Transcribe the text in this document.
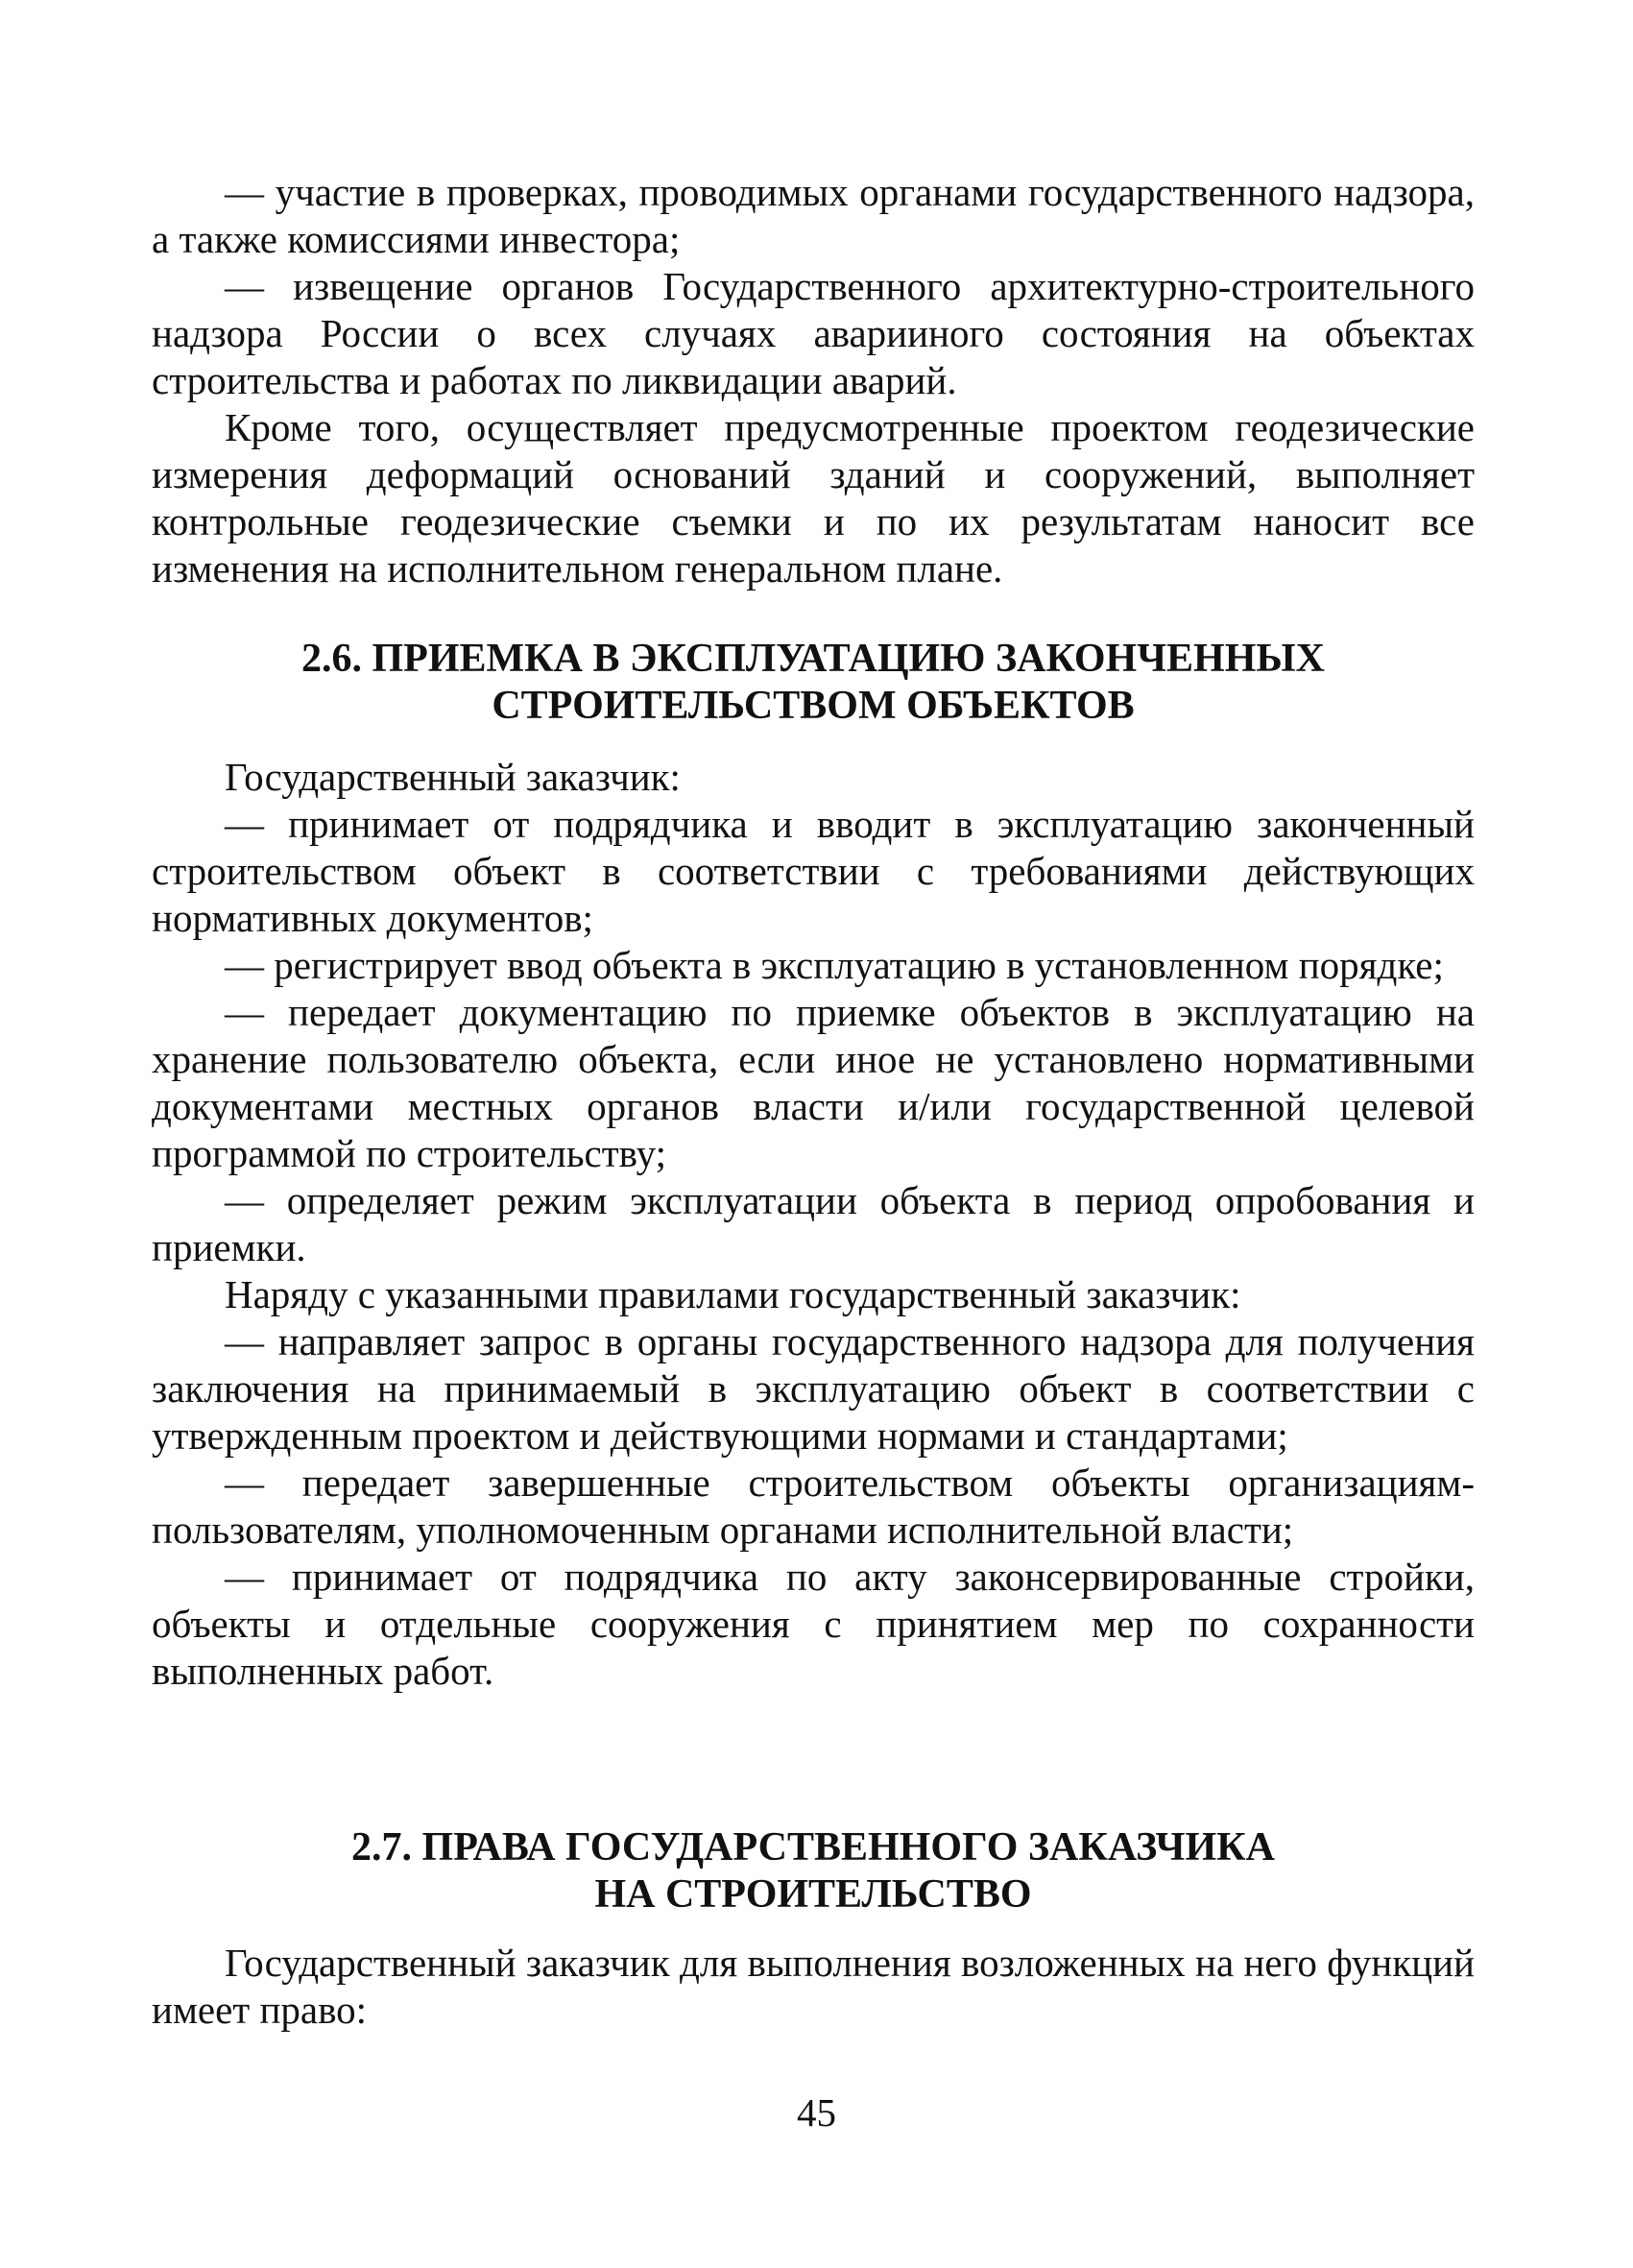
— участие в проверках, проводимых органами государственного надзора, а также комиссиями инвестора;

— извещение органов Государственного архитектурно-строительного надзора России о всех случаях аварииного состояния на объектах строительства и работах по ликвидации аварий.

Кроме того, осуществляет предусмотренные проектом геодезические измерения деформаций оснований зданий и сооружений, выполняет контрольные геодезические съемки и по их результатам наносит все изменения на исполнительном генеральном плане.

2.6. ПРИЕМКА В ЭКСПЛУАТАЦИЮ ЗАКОНЧЕННЫХ
СТРОИТЕЛЬСТВОМ ОБЪЕКТОВ

Государственный заказчик:

— принимает от подрядчика и вводит в эксплуатацию законченный строительством объект в соответствии с требованиями действующих нормативных документов;

— регистрирует ввод объекта в эксплуатацию в установленном порядке;

— передает документацию по приемке объектов в эксплуатацию на хранение пользователю объекта, если иное не установлено нормативными документами местных органов власти и/или государственной целевой программой по строительству;

— определяет режим эксплуатации объекта в период опробования и приемки.

Наряду с указанными правилами государственный заказчик:

— направляет запрос в органы государственного надзора для получения заключения на принимаемый в эксплуатацию объект в соответствии с утвержденным проектом и действующими нормами и стандартами;

— передает завершенные строительством объекты организациям-пользователям, уполномоченным органами исполнительной власти;

— принимает от подрядчика по акту законсервированные стройки, объекты и отдельные сооружения с принятием мер по сохранности выполненных работ.

2.7. ПРАВА ГОСУДАРСТВЕННОГО ЗАКАЗЧИКА
НА СТРОИТЕЛЬСТВО

Государственный заказчик для выполнения возложенных на него функций имеет право:

45
